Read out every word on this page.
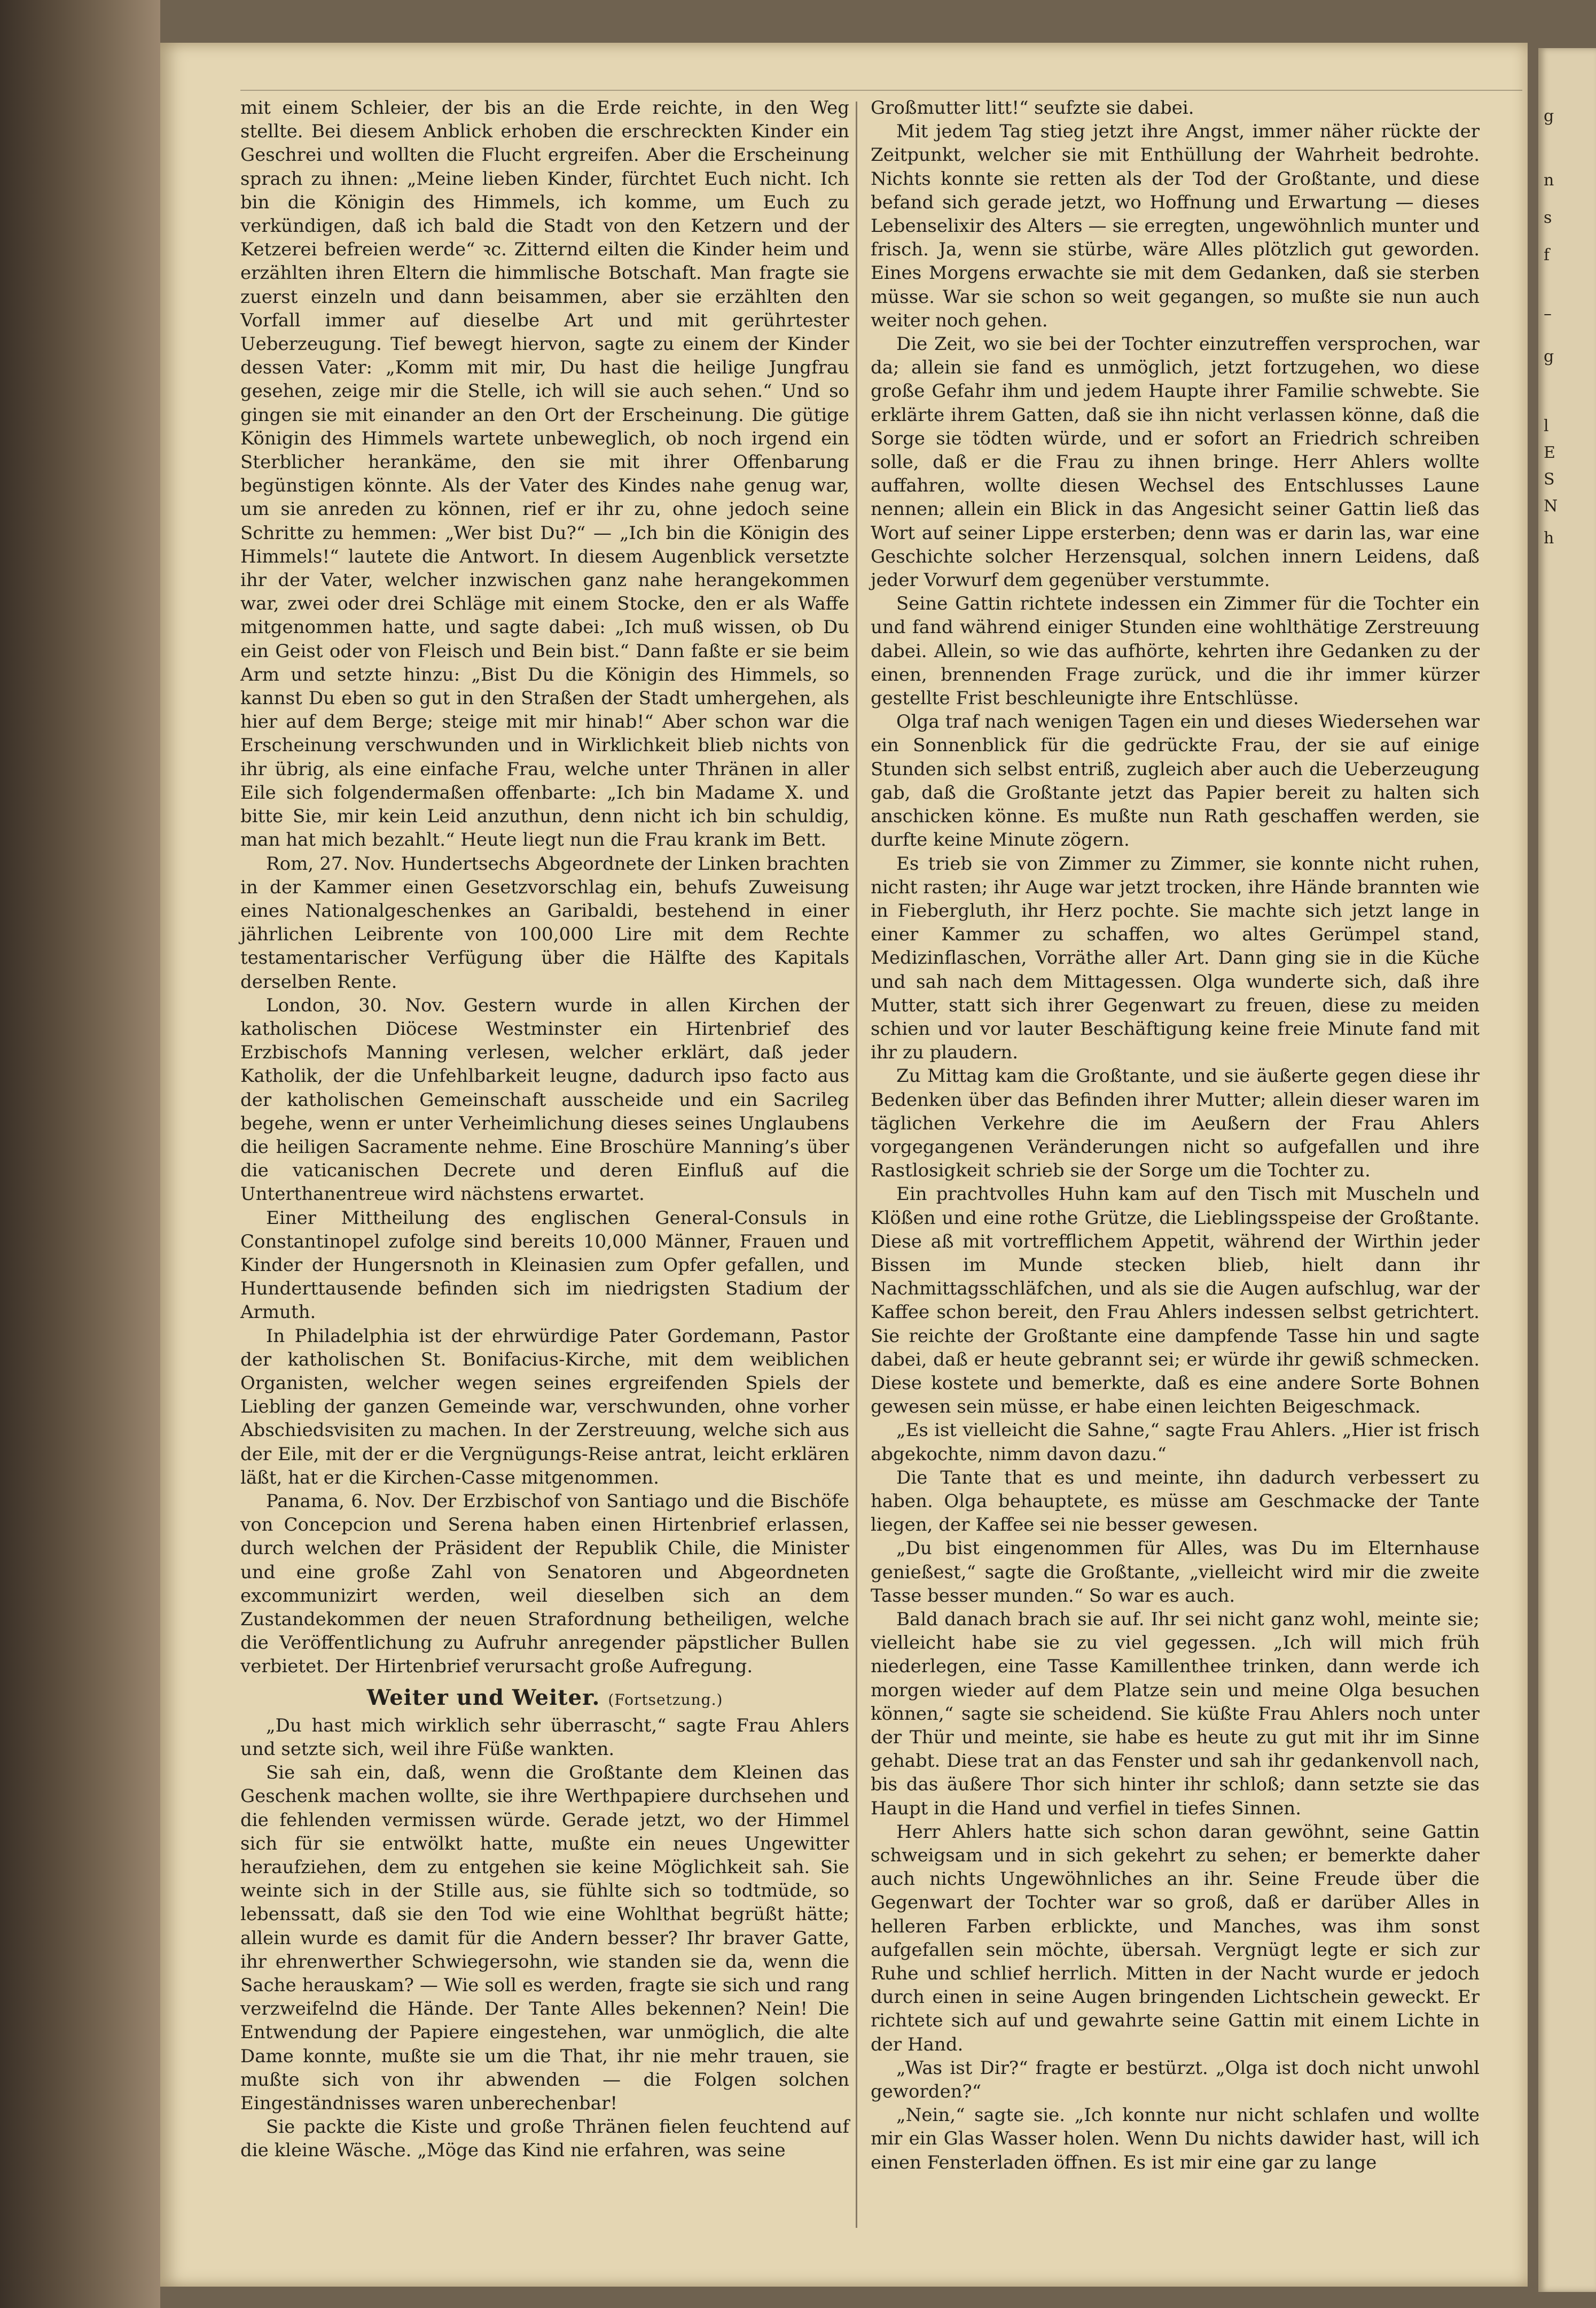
mit einem Schleier, der bis an die Erde reichte, in den Weg stellte. Bei diesem Anblick erhoben die erschreckten Kinder ein Geschrei und wollten die Flucht ergreifen. Aber die Erscheinung sprach zu ihnen: „Meine lieben Kinder, fürchtet Euch nicht. Ich bin die Königin des Himmels, ich komme, um Euch zu verkündigen, daß ich bald die Stadt von den Ketzern und der Ketzerei befreien werde“ ꝛc. Zitternd eilten die Kinder heim und erzählten ihren Eltern die himmlische Botschaft. Man fragte sie zuerst einzeln und dann beisammen, aber sie erzählten den Vorfall immer auf dieselbe Art und mit gerührtester Ueberzeugung. Tief bewegt hiervon, sagte zu einem der Kinder dessen Vater: „Komm mit mir, Du hast die heilige Jungfrau gesehen, zeige mir die Stelle, ich will sie auch sehen.“ Und so gingen sie mit einander an den Ort der Erscheinung. Die gütige Königin des Himmels wartete unbeweglich, ob noch irgend ein Sterblicher herankäme, den sie mit ihrer Offenbarung begünstigen könnte. Als der Vater des Kindes nahe genug war, um sie anreden zu können, rief er ihr zu, ohne jedoch seine Schritte zu hemmen: „Wer bist Du?“ — „Ich bin die Königin des Himmels!“ lautete die Antwort. In diesem Augenblick versetzte ihr der Vater, welcher inzwischen ganz nahe herangekommen war, zwei oder drei Schläge mit einem Stocke, den er als Waffe mitgenommen hatte, und sagte dabei: „Ich muß wissen, ob Du ein Geist oder von Fleisch und Bein bist.“ Dann faßte er sie beim Arm und setzte hinzu: „Bist Du die Königin des Himmels, so kannst Du eben so gut in den Straßen der Stadt umhergehen, als hier auf dem Berge; steige mit mir hinab!“ Aber schon war die Erscheinung verschwunden und in Wirklichkeit blieb nichts von ihr übrig, als eine einfache Frau, welche unter Thränen in aller Eile sich folgendermaßen offenbarte: „Ich bin Madame X. und bitte Sie, mir kein Leid anzuthun, denn nicht ich bin schuldig, man hat mich bezahlt.“ Heute liegt nun die Frau krank im Bett.

Rom, 27. Nov. Hundertsechs Abgeordnete der Linken brachten in der Kammer einen Gesetzvorschlag ein, behufs Zuweisung eines Nationalgeschenkes an Garibaldi, bestehend in einer jährlichen Leibrente von 100,000 Lire mit dem Rechte testamentarischer Verfügung über die Hälfte des Kapitals derselben Rente.

London, 30. Nov. Gestern wurde in allen Kirchen der katholischen Diöcese Westminster ein Hirtenbrief des Erzbischofs Manning verlesen, welcher erklärt, daß jeder Katholik, der die Unfehlbarkeit leugne, dadurch ipso facto aus der katholischen Gemeinschaft ausscheide und ein Sacrileg begehe, wenn er unter Verheimlichung dieses seines Unglaubens die heiligen Sacramente nehme. Eine Broschüre Manning’s über die vaticanischen Decrete und deren Einfluß auf die Unterthanentreue wird nächstens erwartet.

Einer Mittheilung des englischen General-Consuls in Constantinopel zufolge sind bereits 10,000 Männer, Frauen und Kinder der Hungersnoth in Kleinasien zum Opfer gefallen, und Hunderttausende befinden sich im niedrigsten Stadium der Armuth.

In Philadelphia ist der ehrwürdige Pater Gordemann, Pastor der katholischen St. Bonifacius-Kirche, mit dem weiblichen Organisten, welcher wegen seines ergreifenden Spiels der Liebling der ganzen Gemeinde war, verschwunden, ohne vorher Abschiedsvisiten zu machen. In der Zerstreuung, welche sich aus der Eile, mit der er die Vergnügungs-Reise antrat, leicht erklären läßt, hat er die Kirchen-Casse mitgenommen.

Panama, 6. Nov. Der Erzbischof von Santiago und die Bischöfe von Concepcion und Serena haben einen Hirtenbrief erlassen, durch welchen der Präsident der Republik Chile, die Minister und eine große Zahl von Senatoren und Abgeordneten excommunizirt werden, weil dieselben sich an dem Zustandekommen der neuen Strafordnung betheiligen, welche die Veröffentlichung zu Aufruhr anregender päpstlicher Bullen verbietet. Der Hirtenbrief verursacht große Aufregung.

Weiter und Weiter. (Fortsetzung.)

„Du hast mich wirklich sehr überrascht,“ sagte Frau Ahlers und setzte sich, weil ihre Füße wankten.

Sie sah ein, daß, wenn die Großtante dem Kleinen das Geschenk machen wollte, sie ihre Werthpapiere durchsehen und die fehlenden vermissen würde. Gerade jetzt, wo der Himmel sich für sie entwölkt hatte, mußte ein neues Ungewitter heraufziehen, dem zu entgehen sie keine Möglichkeit sah. Sie weinte sich in der Stille aus, sie fühlte sich so todtmüde, so lebenssatt, daß sie den Tod wie eine Wohlthat begrüßt hätte; allein wurde es damit für die Andern besser? Ihr braver Gatte, ihr ehrenwerther Schwiegersohn, wie standen sie da, wenn die Sache herauskam? — Wie soll es werden, fragte sie sich und rang verzweifelnd die Hände. Der Tante Alles bekennen? Nein! Die Entwendung der Papiere eingestehen, war unmöglich, die alte Dame konnte, mußte sie um die That, ihr nie mehr trauen, sie mußte sich von ihr abwenden — die Folgen solchen Eingeständnisses waren unberechenbar!

Sie packte die Kiste und große Thränen fielen feuchtend auf die kleine Wäsche. „Möge das Kind nie erfahren, was seine

Großmutter litt!“ seufzte sie dabei.

Mit jedem Tag stieg jetzt ihre Angst, immer näher rückte der Zeitpunkt, welcher sie mit Enthüllung der Wahrheit bedrohte. Nichts konnte sie retten als der Tod der Großtante, und diese befand sich gerade jetzt, wo Hoffnung und Erwartung — dieses Lebenselixir des Alters — sie erregten, ungewöhnlich munter und frisch. Ja, wenn sie stürbe, wäre Alles plötzlich gut geworden. Eines Morgens erwachte sie mit dem Gedanken, daß sie sterben müsse. War sie schon so weit gegangen, so mußte sie nun auch weiter noch gehen.

Die Zeit, wo sie bei der Tochter einzutreffen versprochen, war da; allein sie fand es unmöglich, jetzt fortzugehen, wo diese große Gefahr ihm und jedem Haupte ihrer Familie schwebte. Sie erklärte ihrem Gatten, daß sie ihn nicht verlassen könne, daß die Sorge sie tödten würde, und er sofort an Friedrich schreiben solle, daß er die Frau zu ihnen bringe. Herr Ahlers wollte auffahren, wollte diesen Wechsel des Entschlusses Laune nennen; allein ein Blick in das Angesicht seiner Gattin ließ das Wort auf seiner Lippe ersterben; denn was er darin las, war eine Geschichte solcher Herzensqual, solchen innern Leidens, daß jeder Vorwurf dem gegenüber verstummte.

Seine Gattin richtete indessen ein Zimmer für die Tochter ein und fand während einiger Stunden eine wohlthätige Zerstreuung dabei. Allein, so wie das aufhörte, kehrten ihre Gedanken zu der einen, brennenden Frage zurück, und die ihr immer kürzer gestellte Frist beschleunigte ihre Entschlüsse.

Olga traf nach wenigen Tagen ein und dieses Wiedersehen war ein Sonnenblick für die gedrückte Frau, der sie auf einige Stunden sich selbst entriß, zugleich aber auch die Ueberzeugung gab, daß die Großtante jetzt das Papier bereit zu halten sich anschicken könne. Es mußte nun Rath geschaffen werden, sie durfte keine Minute zögern.

Es trieb sie von Zimmer zu Zimmer, sie konnte nicht ruhen, nicht rasten; ihr Auge war jetzt trocken, ihre Hände brannten wie in Fiebergluth, ihr Herz pochte. Sie machte sich jetzt lange in einer Kammer zu schaffen, wo altes Gerümpel stand, Medizinflaschen, Vorräthe aller Art. Dann ging sie in die Küche und sah nach dem Mittagessen. Olga wunderte sich, daß ihre Mutter, statt sich ihrer Gegenwart zu freuen, diese zu meiden schien und vor lauter Beschäftigung keine freie Minute fand mit ihr zu plaudern.

Zu Mittag kam die Großtante, und sie äußerte gegen diese ihr Bedenken über das Befinden ihrer Mutter; allein dieser waren im täglichen Verkehre die im Aeußern der Frau Ahlers vorgegangenen Veränderungen nicht so aufgefallen und ihre Rastlosigkeit schrieb sie der Sorge um die Tochter zu.

Ein prachtvolles Huhn kam auf den Tisch mit Muscheln und Klößen und eine rothe Grütze, die Lieblingsspeise der Großtante. Diese aß mit vortrefflichem Appetit, während der Wirthin jeder Bissen im Munde stecken blieb, hielt dann ihr Nachmittagsschläfchen, und als sie die Augen aufschlug, war der Kaffee schon bereit, den Frau Ahlers indessen selbst getrichtert. Sie reichte der Großtante eine dampfende Tasse hin und sagte dabei, daß er heute gebrannt sei; er würde ihr gewiß schmecken. Diese kostete und bemerkte, daß es eine andere Sorte Bohnen gewesen sein müsse, er habe einen leichten Beigeschmack.

„Es ist vielleicht die Sahne,“ sagte Frau Ahlers. „Hier ist frisch abgekochte, nimm davon dazu.“

Die Tante that es und meinte, ihn dadurch verbessert zu haben. Olga behauptete, es müsse am Geschmacke der Tante liegen, der Kaffee sei nie besser gewesen.

„Du bist eingenommen für Alles, was Du im Elternhause genießest,“ sagte die Großtante, „vielleicht wird mir die zweite Tasse besser munden.“ So war es auch.

Bald danach brach sie auf. Ihr sei nicht ganz wohl, meinte sie; vielleicht habe sie zu viel gegessen. „Ich will mich früh niederlegen, eine Tasse Kamillenthee trinken, dann werde ich morgen wieder auf dem Platze sein und meine Olga besuchen können,“ sagte sie scheidend. Sie küßte Frau Ahlers noch unter der Thür und meinte, sie habe es heute zu gut mit ihr im Sinne gehabt. Diese trat an das Fenster und sah ihr gedankenvoll nach, bis das äußere Thor sich hinter ihr schloß; dann setzte sie das Haupt in die Hand und verfiel in tiefes Sinnen.

Herr Ahlers hatte sich schon daran gewöhnt, seine Gattin schweigsam und in sich gekehrt zu sehen; er bemerkte daher auch nichts Ungewöhnliches an ihr. Seine Freude über die Gegenwart der Tochter war so groß, daß er darüber Alles in helleren Farben erblickte, und Manches, was ihm sonst aufgefallen sein möchte, übersah. Vergnügt legte er sich zur Ruhe und schlief herrlich. Mitten in der Nacht wurde er jedoch durch einen in seine Augen bringenden Lichtschein geweckt. Er richtete sich auf und gewahrte seine Gattin mit einem Lichte in der Hand.

„Was ist Dir?“ fragte er bestürzt. „Olga ist doch nicht unwohl geworden?“

„Nein,“ sagte sie. „Ich konnte nur nicht schlafen und wollte mir ein Glas Wasser holen. Wenn Du nichts dawider hast, will ich einen Fensterladen öffnen. Es ist mir eine gar zu lange

g
n
s
f
–
g
l
E
S
N
h
